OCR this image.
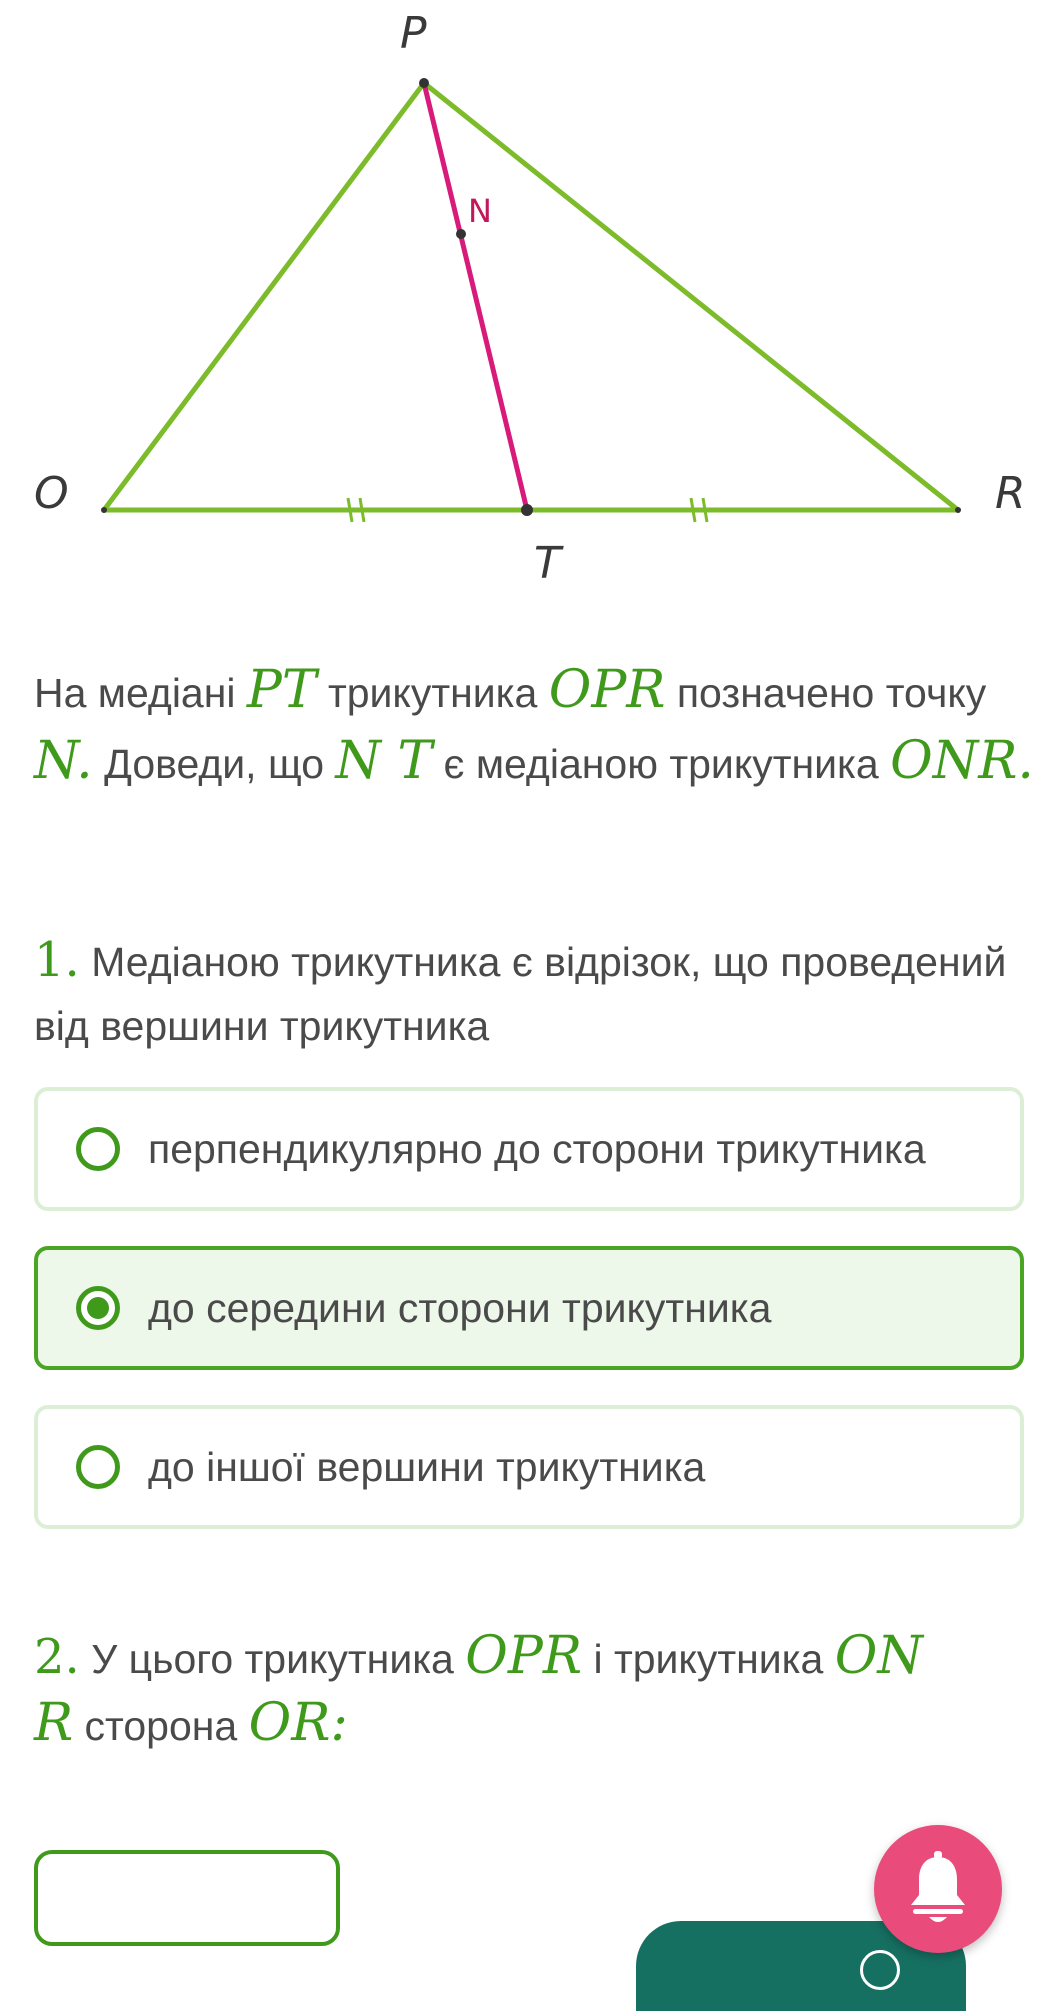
P
O	R
T
N
На медіані PT трикутника OPR позначено точку N. Доведи, що N T є медіаною трикутника ONR.
1. Медіаною трикутника є відрізок, що проведений від вершини трикутника
перпендикулярно до сторони трикутника
до середини сторони трикутника
до іншої вершини трикутника
2. У цього трикутника OPR і трикутника ON
R сторона OR:
